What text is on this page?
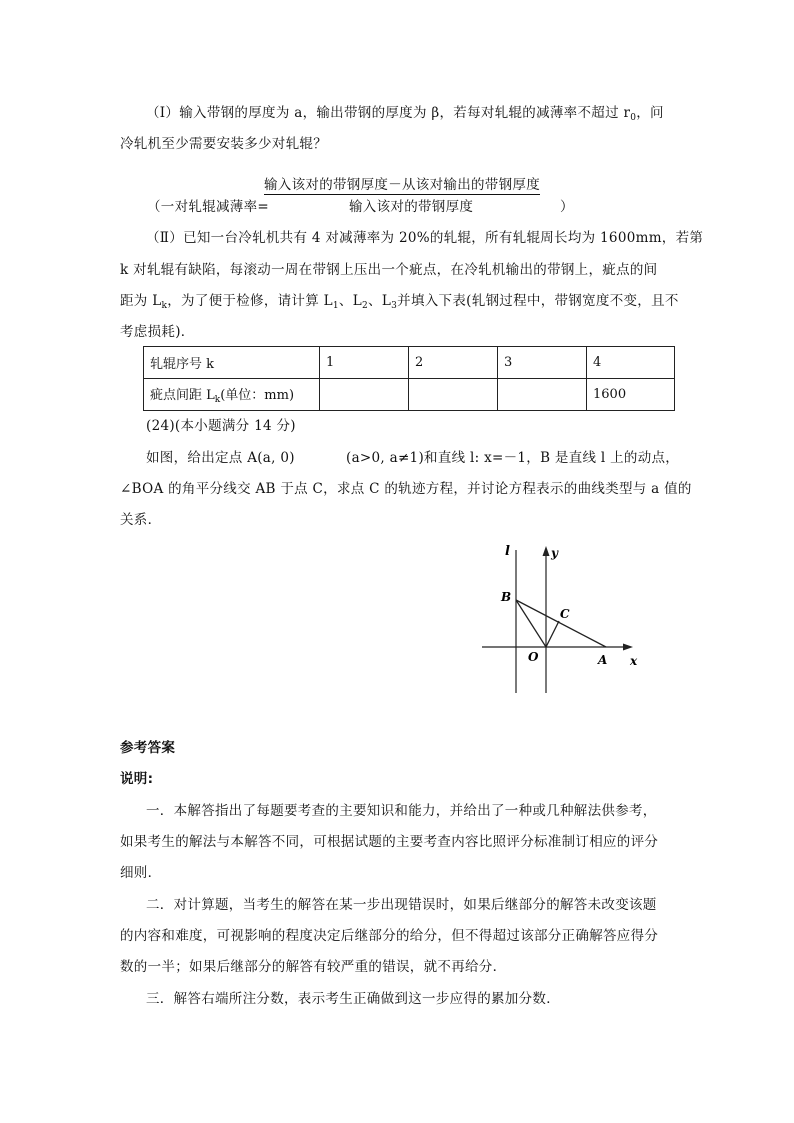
（Ⅰ）输入带钢的厚度为 a，输出带钢的厚度为 β，若每对轧辊的减薄率不超过 $r_0$，问
冷轧机至少需要安装多少对轧辊？
输入该对的带钢厚度－从该对输出的带钢厚度
（一对轧辊减薄率=	输入该对的带钢厚度	）
（Ⅱ）已知一台冷轧机共有 4 对减薄率为 20%的轧辊，所有轧辊周长均为 1600mm，若第
k 对轧辊有缺陷，每滚动一周在带钢上压出一个疵点，在冷轧机输出的带钢上，疵点的间
距为 $L_k$，为了便于检修，请计算 $L_1$、$L_2$、$L_3$并填入下表(轧钢过程中，带钢宽度不变，且不
考虑损耗)．
轧辊序号 k	1	2	3	4
疵点间距 $L_k$(单位：mm)				1600
(24)(本小题满分 14 分)
如图，给出定点 A(a, 0)	(a>0, a≠1)和直线 l: x=－1，B 是直线 l 上的动点，
∠BOA 的角平分线交 AB 于点 C，求点 C 的轨迹方程，并讨论方程表示的曲线类型与 a 值的
关系．
l	y
B
C
O	A x
参考答案
说明:
一．本解答指出了每题要考查的主要知识和能力，并给出了一种或几种解法供参考，
如果考生的解法与本解答不同，可根据试题的主要考查内容比照评分标准制订相应的评分
细则．
二．对计算题，当考生的解答在某一步出现错误时，如果后继部分的解答未改变该题
的内容和难度，可视影响的程度决定后继部分的给分，但不得超过该部分正确解答应得分
数的一半；如果后继部分的解答有较严重的错误，就不再给分．
三．解答右端所注分数，表示考生正确做到这一步应得的累加分数．
